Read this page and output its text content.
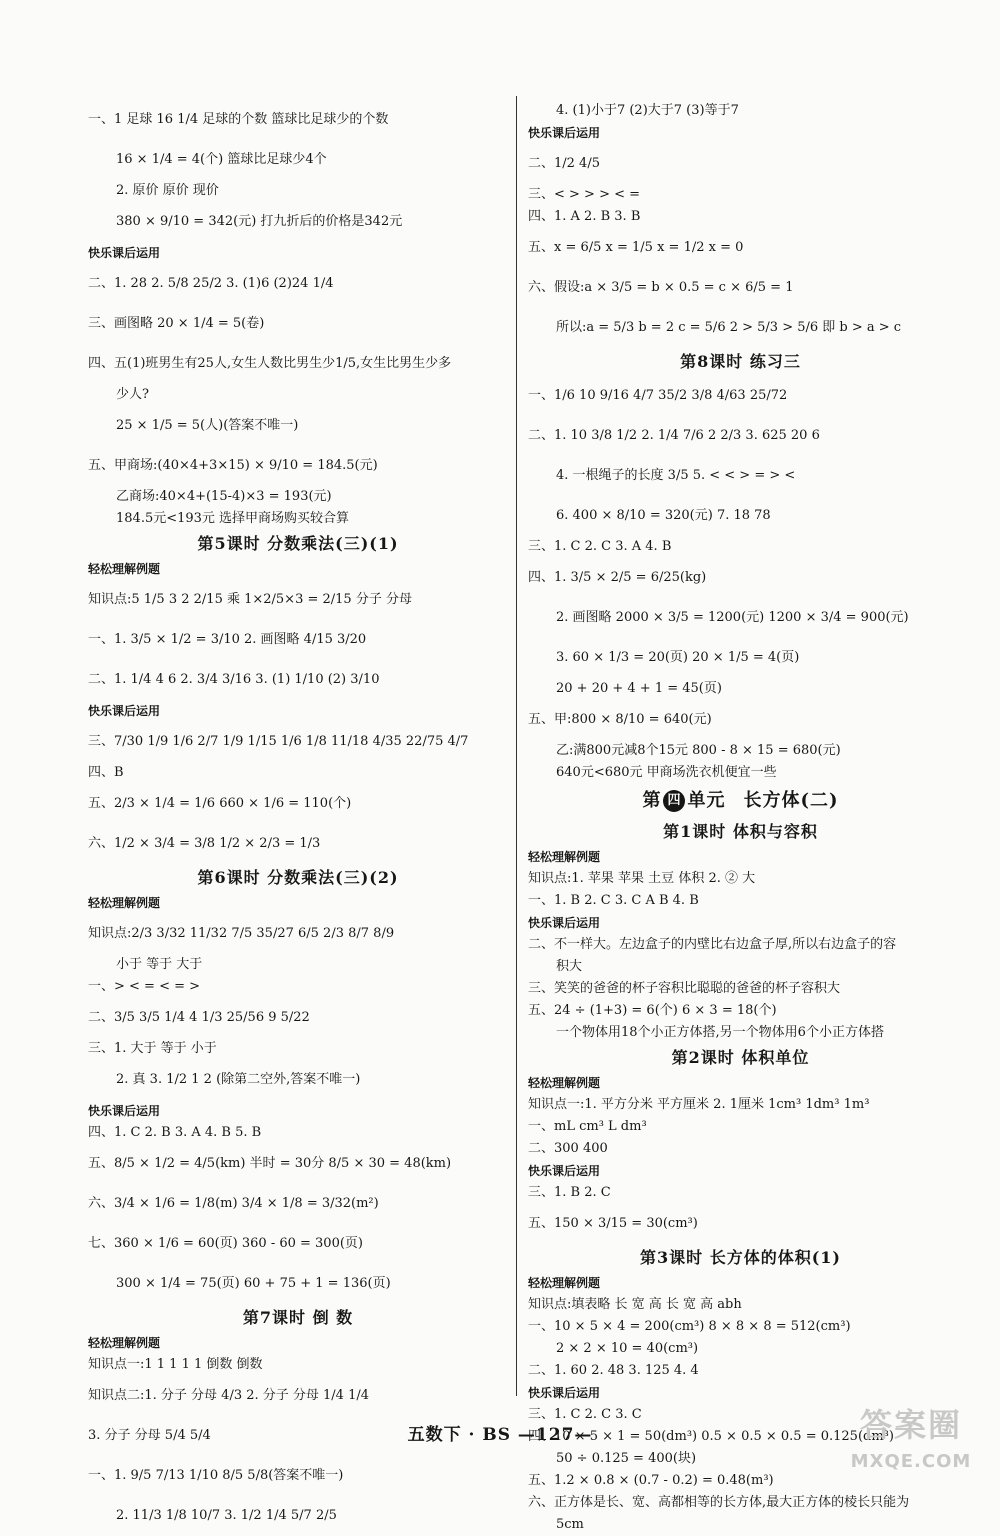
一、1 足球 16 1/4 足球的个数 篮球比足球少的个数
16 × 1/4 = 4(个) 篮球比足球少4个
2. 原价 原价 现价
380 × 9/10 = 342(元) 打九折后的价格是342元
快乐课后运用
二、1. 28 2. 5/8 25/2 3. (1)6 (2)24 1/4
三、画图略 20 × 1/4 = 5(卷)
四、五(1)班男生有25人,女生人数比男生少1/5,女生比男生少多
少人?
25 × 1/5 = 5(人)(答案不唯一)
五、甲商场:(40×4+3×15) × 9/10 = 184.5(元)
乙商场:40×4+(15-4)×3 = 193(元)
184.5元<193元 选择甲商场购买较合算
第5课时 分数乘法(三)(1)
轻松理解例题
知识点:5 1/5 3 2 2/15 乘 1×2/5×3 = 2/15 分子 分母
一、1. 3/5 × 1/2 = 3/10 2. 画图略 4/15 3/20
二、1. 1/4 4 6 2. 3/4 3/16 3. (1) 1/10 (2) 3/10
快乐课后运用
三、7/30 1/9 1/6 2/7 1/9 1/15 1/6 1/8 11/18 4/35 22/75 4/7
四、B
五、2/3 × 1/4 = 1/6 660 × 1/6 = 110(个)
六、1/2 × 3/4 = 3/8 1/2 × 2/3 = 1/3
第6课时 分数乘法(三)(2)
轻松理解例题
知识点:2/3 3/32 11/32 7/5 35/27 6/5 2/3 8/7 8/9
小于 等于 大于
一、> < = < = >
二、3/5 3/5 1/4 4 1/3 25/56 9 5/22
三、1. 大于 等于 小于
2. 真 3. 1/2 1 2 (除第二空外,答案不唯一)
快乐课后运用
四、1. C 2. B 3. A 4. B 5. B
五、8/5 × 1/2 = 4/5(km) 半时 = 30分 8/5 × 30 = 48(km)
六、3/4 × 1/6 = 1/8(m) 3/4 × 1/8 = 3/32(m²)
七、360 × 1/6 = 60(页) 360 - 60 = 300(页)
300 × 1/4 = 75(页) 60 + 75 + 1 = 136(页)
第7课时 倒 数
轻松理解例题
知识点一:1 1 1 1 1 倒数 倒数
知识点二:1. 分子 分母 4/3 2. 分子 分母 1/4 1/4
3. 分子 分母 5/4 5/4
一、1. 9/5 7/13 1/10 8/5 5/8(答案不唯一)
2. 11/3 1/8 10/7 3. 1/2 1/4 5/7 2/5
4. (1)小于7 (2)大于7 (3)等于7
快乐课后运用
二、1/2 4/5
三、< > > > < =
四、1. A 2. B 3. B
五、x = 6/5 x = 1/5 x = 1/2 x = 0
六、假设:a × 3/5 = b × 0.5 = c × 6/5 = 1
所以:a = 5/3 b = 2 c = 5/6 2 > 5/3 > 5/6 即 b > a > c
第8课时 练习三
一、1/6 10 9/16 4/7 35/2 3/8 4/63 25/72
二、1. 10 3/8 1/2 2. 1/4 7/6 2 2/3 3. 625 20 6
4. 一根绳子的长度 3/5 5. < < > = > <
6. 400 × 8/10 = 320(元) 7. 18 78
三、1. C 2. C 3. A 4. B
四、1. 3/5 × 2/5 = 6/25(kg)
2. 画图略 2000 × 3/5 = 1200(元) 1200 × 3/4 = 900(元)
3. 60 × 1/3 = 20(页) 20 × 1/5 = 4(页)
20 + 20 + 4 + 1 = 45(页)
五、甲:800 × 8/10 = 640(元)
乙:满800元减8个15元 800 - 8 × 15 = 680(元)
640元<680元 甲商场洗衣机便宜一些
第 四 单元 长方体(二)
第1课时 体积与容积
轻松理解例题
知识点:1. 苹果 苹果 土豆 体积 2. ② 大
一、1. B 2. C 3. C A B 4. B
快乐课后运用
二、不一样大。左边盒子的内壁比右边盒子厚,所以右边盒子的容
积大
三、笑笑的爸爸的杯子容积比聪聪的爸爸的杯子容积大
五、24 ÷ (1+3) = 6(个) 6 × 3 = 18(个)
一个物体用18个小正方体搭,另一个物体用6个小正方体搭
第2课时 体积单位
轻松理解例题
知识点一:1. 平方分米 平方厘米 2. 1厘米 1cm³ 1dm³ 1m³
一、mL cm³ L dm³
二、300 400
快乐课后运用
三、1. B 2. C
五、150 × 3/15 = 30(cm³)
第3课时 长方体的体积(1)
轻松理解例题
知识点:填表略 长 宽 高 长 宽 高 abh
一、10 × 5 × 4 = 200(cm³) 8 × 8 × 8 = 512(cm³)
2 × 2 × 10 = 40(cm³)
二、1. 60 2. 48 3. 125 4. 4
快乐课后运用
三、1. C 2. C 3. C
四、10 × 5 × 1 = 50(dm³) 0.5 × 0.5 × 0.5 = 0.125(dm³)
50 ÷ 0.125 = 400(块)
五、1.2 × 0.8 × (0.7 - 0.2) = 0.48(m³)
六、正方体是长、宽、高都相等的长方体,最大正方体的棱长只能为
5cm
五数下 · BS —127—	答案圈
MXQE.COM
